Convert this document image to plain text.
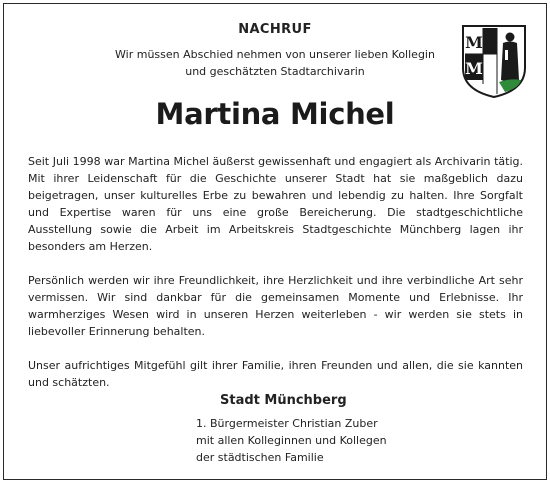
NACHRUF
Wir müssen Abschied nehmen von unserer lieben Kollegin
und geschätzten Stadtarchivarin
M
M
Martina Michel

Seit Juli 1998 war Martina Michel äußerst gewissenhaft und engagiert als Archivarin tätig. Mit ihrer Leidenschaft für die Geschichte unserer Stadt hat sie maßgeblich dazu beigetragen, unser kulturelles Erbe zu bewahren und lebendig zu halten. Ihre Sorgfalt und Expertise waren für uns eine große Bereicherung. Die stadtgeschichtliche Ausstellung sowie die Arbeit im Arbeitskreis Stadtgeschichte Münchberg lagen ihr besonders am Herzen.

Persönlich werden wir ihre Freundlichkeit, ihre Herzlichkeit und ihre verbindliche Art sehr vermissen. Wir sind dankbar für die gemeinsamen Momente und Erlebnisse. Ihr warmherziges Wesen wird in unseren Herzen weiterleben - wir werden sie stets in liebevoller Erinnerung behalten.

Unser aufrichtiges Mitgefühl gilt ihrer Familie, ihren Freunden und allen, die sie kannten und schätzten.

Stadt Münchberg
1. Bürgermeister Christian Zuber
mit allen Kolleginnen und Kollegen
der städtischen Familie
